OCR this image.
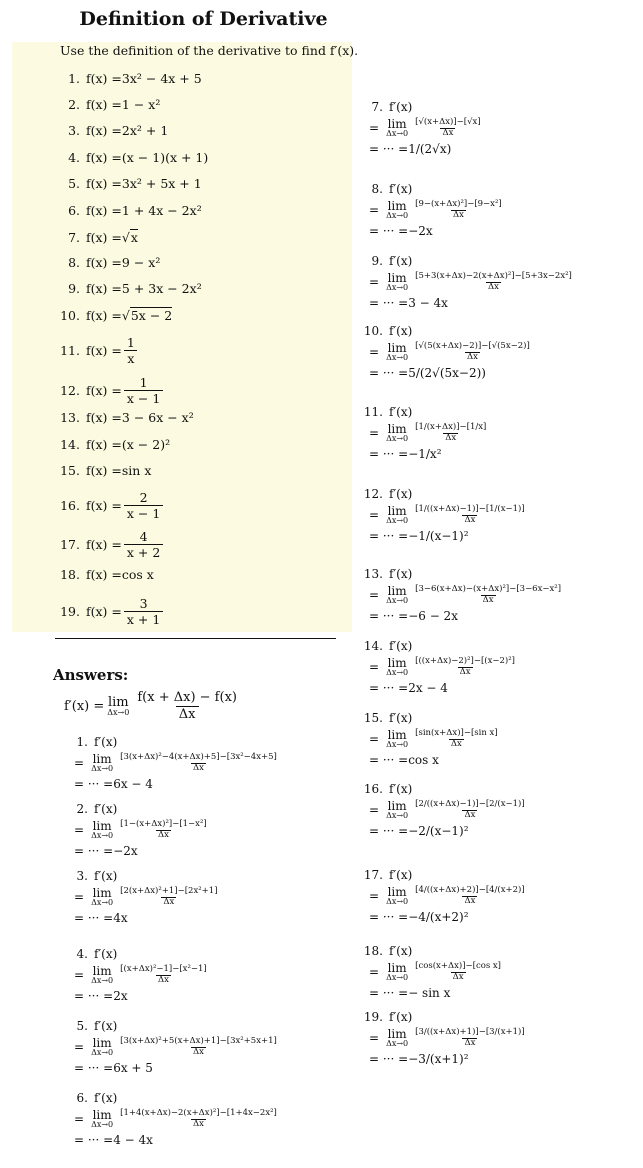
Definition of Derivative
Use the definition of the derivative to find f′(x).
1. f(x) = 3x² − 4x + 5
2. f(x) = 1 − x²
3. f(x) = 2x² + 1
4. f(x) = (x − 1)(x + 1)
5. f(x) = 3x² + 5x + 1
6. f(x) = 1 + 4x − 2x²
7. f(x) = √ x
8. f(x) = 9 − x²
9. f(x) = 5 + 3x − 2x²
10. f(x) = √ 5x − 2
11. $f(x) = \frac{1}{x}$
12. $f(x) = \frac{1}{x - 1}$
13. f(x) = 3 − 6x − x²
14. f(x) = (x − 2)²
15. f(x) = sin x
16. $f(x) = \frac{2}{x - 1}$
17. $f(x) = \frac{4}{x + 2}$
18. f(x) = cos x
19. $f(x) = \frac{3}{x + 1}$
Answers:
f′(x) = lim
$\Delta x\to 0 \frac{f(x + \Delta x) - f(x)}{\Delta x}$
1. f′(x)
= lim
$\Delta x\to 0 \frac{\text{[3(x+Δx)²−4(x+Δx)+5]−[3x²−4x+5]}}{\Delta x}$
= ··· = 6x − 4
2. f′(x)
= lim
$\Delta x\to 0 \frac{\text{[1−(x+Δx)²]−[1−x²]}}{\Delta x}$
= ··· = −2x
3. f′(x)
= lim
$\Delta x\to 0 \frac{\text{[2(x+Δx)²+1]−[2x²+1]}}{\Delta x}$
= ··· = 4x
4. f′(x)
= lim
$\Delta x\to 0 \frac{\text{[(x+Δx)²−1]−[x²−1]}}{\Delta x}$
= ··· = 2x
5. f′(x)
= lim
$\Delta x\to 0 \frac{\text{[3(x+Δx)²+5(x+Δx)+1]−[3x²+5x+1]}}{\Delta x}$
= ··· = 6x + 5
6. f′(x)
= lim
$\Delta x\to 0 \frac{\text{[1+4(x+Δx)−2(x+Δx)²]−[1+4x−2x²]}}{\Delta x}$
= ··· = 4 − 4x
7. f′(x)
= lim
$\Delta x\to 0 \frac{[√(x+\Delta x)]-[√x]}{\Delta x}$
= ··· = 1/(2√x)
8. f′(x)
= lim
$\Delta x\to 0 \frac{\text{[9−(x+Δx)²]−[9−x²]}}{\Delta x}$
= ··· = −2x
9. f′(x)
= lim
$\Delta x\to 0 \frac{\text{[5+3(x+Δx)−2(x+Δx)²]−[5+3x−2x²]}}{\Delta x}$
= ··· = 3 − 4x
10. f′(x)
= lim
$\Delta x\to 0 \frac{[√(5(x+\Delta x)-2)]-[√(5x-2)]}{\Delta x}$
= ··· = 5/(2√(5x−2))
11. f′(x)
= lim
$\Delta x\to 0 \frac{[1/(x+\Delta x)]-[1/x]}{\Delta x}$
= ··· = −1/x²
12. f′(x)
= lim
$\Delta x\to 0 \frac{[1/((x+\Delta x)-1)]-[1/(x-1)]}{\Delta x}$
= ··· = −1/(x−1)²
13. f′(x)
= lim
$\Delta x\to 0 \frac{\text{[3−6(x+Δx)−(x+Δx)²]−[3−6x−x²]}}{\Delta x}$
= ··· = −6 − 2x
14. f′(x)
= lim
$\Delta x\to 0 \frac{\text{[((x+Δx)−2)²]−[(x−2)²]}}{\Delta x}$
= ··· = 2x − 4
15. f′(x)
= lim
$\Delta x\to 0 \frac{\text{[sin(x+Δx)]−[sin x]}}{\Delta x}$
= ··· = cos x
16. f′(x)
= lim
$\Delta x\to 0 \frac{[2/((x+\Delta x)-1)]-[2/(x-1)]}{\Delta x}$
= ··· = −2/(x−1)²
17. f′(x)
= lim
$\Delta x\to 0 \frac{[4/((x+\Delta x)+2)]-[4/(x+2)]}{\Delta x}$
= ··· = −4/(x+2)²
18. f′(x)
= lim
$\Delta x\to 0 \frac{\text{[cos(x+Δx)]−[cos x]}}{\Delta x}$
= ··· = − sin x
19. f′(x)
= lim
$\Delta x\to 0 \frac{[3/((x+\Delta x)+1)]-[3/(x+1)]}{\Delta x}$
= ··· = −3/(x+1)²
